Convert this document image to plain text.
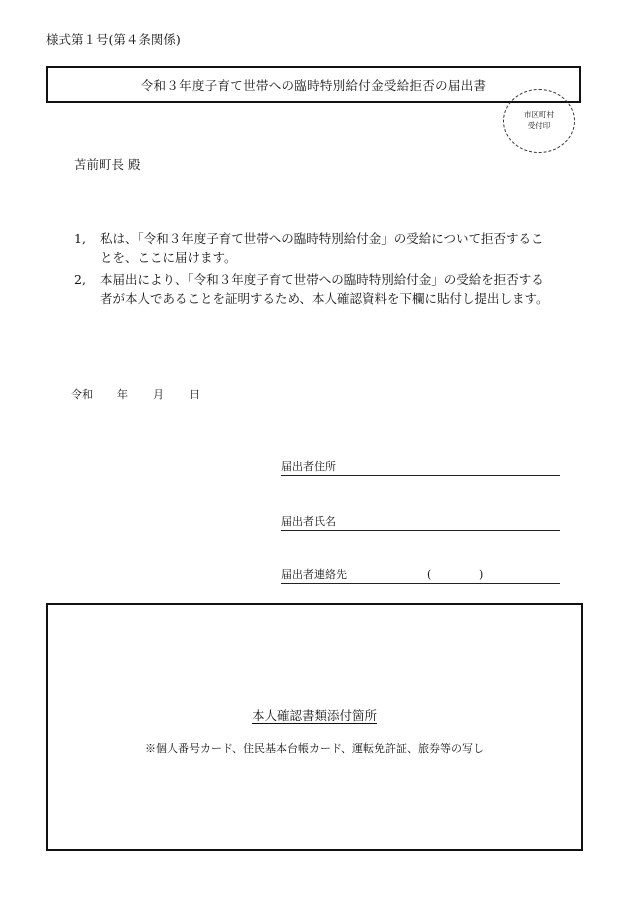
様式第１号(第４条関係)
令和３年度子育て世帯への臨時特別給付金受給拒否の届出書
市区町村
受付印
苫前町長 殿
1,	私は、「令和３年度子育て世帯への臨時特別給付金」の受給について拒否することを、ここに届けます。
2,	本届出により、「令和３年度子育て世帯への臨時特別給付金」の受給を拒否する者が本人であることを証明するため、本人確認資料を下欄に貼付し提出します。
令和	年	月	日
届出者住所
届出者氏名
届出者連絡先	(	)
本人確認書類添付箇所
※個人番号カード、住民基本台帳カード、運転免許証、旅券等の写し
